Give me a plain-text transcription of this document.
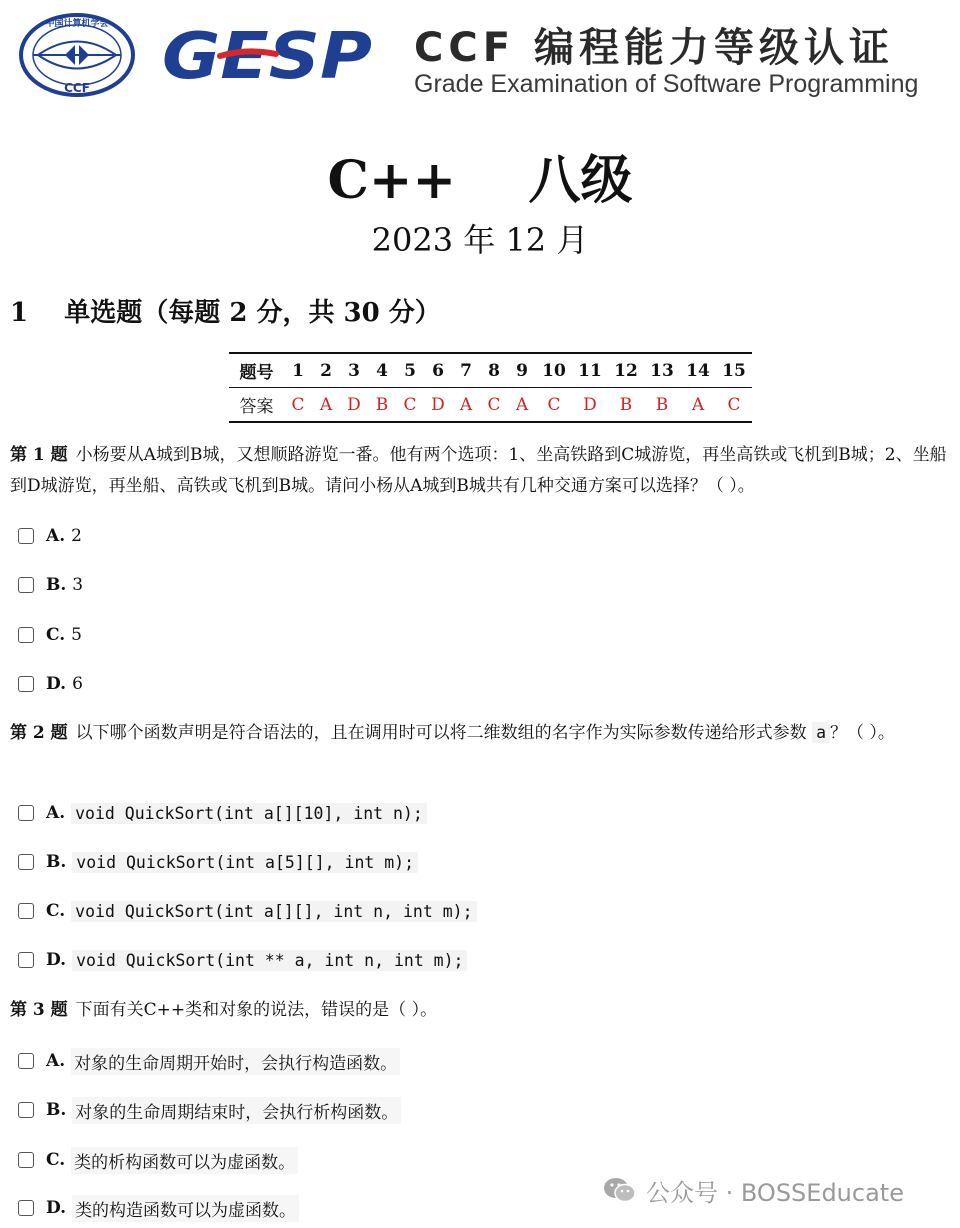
中国计算机学会
CCF GESP CCF 编程能力等级认证
Grade Examination of Software Programming
C++    八级
2023 年 12 月
1    单选题（每题 2 分，共 30 分）
题号	1	2	3	4	5	6	7	8	9	10	11	12	13	14	15
答案	C	A	D	B	C	D	A	C	A	C	D	B	B	A	C
第 1 题 小杨要从A城到B城，又想顺路游览一番。他有两个选项：1、坐高铁路到C城游览，再坐高铁或飞机到B城；2、坐船到D城游览，再坐船、高铁或飞机到B城。请问小杨从A城到B城共有几种交通方案可以选择？（ ）。
A. 2
B. 3
C. 5
D. 6
第 2 题 以下哪个函数声明是符合语法的，且在调用时可以将二维数组的名字作为实际参数传递给形式参数 a ？（ ）。
A. void QuickSort(int a[][10], int n);
B. void QuickSort(int a[5][], int m);
C. void QuickSort(int a[][], int n, int m);
D. void QuickSort(int ** a, int n, int m);
第 3 题 下面有关C++类和对象的说法，错误的是（ ）。
A. 对象的生命周期开始时，会执行构造函数。
B. 对象的生命周期结束时，会执行析构函数。
C. 类的析构函数可以为虚函数。
D. 类的构造函数可以为虚函数。
公众号 · BOSSEducate
